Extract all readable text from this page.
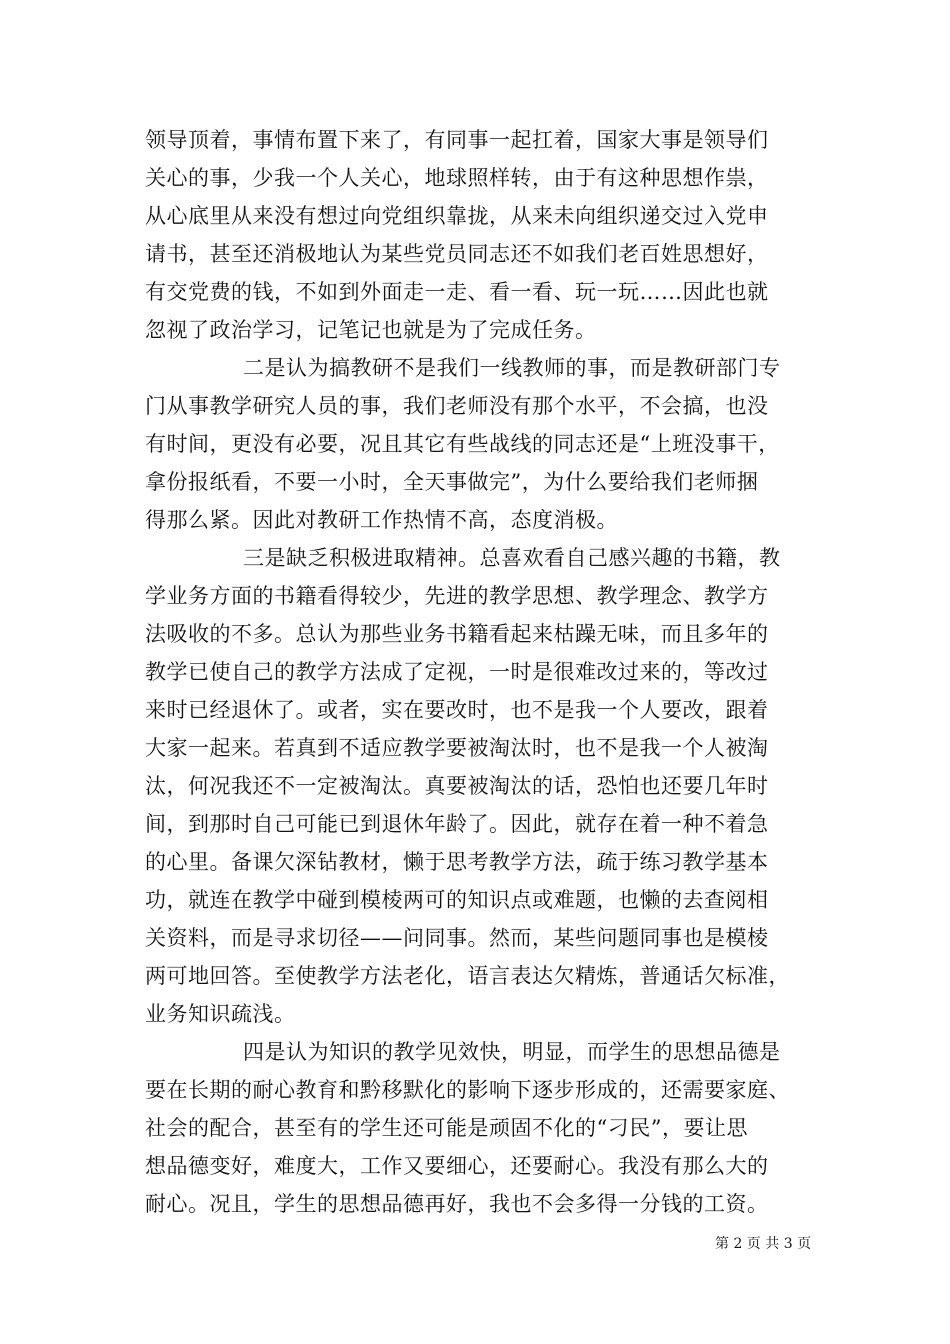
领导顶着，事情布置下来了，有同事一起扛着，国家大事是领导们
关心的事，少我一个人关心，地球照样转，由于有这种思想作祟，
从心底里从来没有想过向党组织靠拢，从来未向组织递交过入党申
请书，甚至还消极地认为某些党员同志还不如我们老百姓思想好，
有交党费的钱，不如到外面走一走、看一看、玩一玩……因此也就
忽视了政治学习，记笔记也就是为了完成任务。
二是认为搞教研不是我们一线教师的事，而是教研部门专
门从事教学研究人员的事，我们老师没有那个水平，不会搞，也没
有时间，更没有必要，况且其它有些战线的同志还是“上班没事干，
拿份报纸看，不要一小时，全天事做完”，为什么要给我们老师捆
得那么紧。因此对教研工作热情不高，态度消极。
三是缺乏积极进取精神。总喜欢看自己感兴趣的书籍，教
学业务方面的书籍看得较少，先进的教学思想、教学理念、教学方
法吸收的不多。总认为那些业务书籍看起来枯躁无味，而且多年的
教学已使自己的教学方法成了定视，一时是很难改过来的，等改过
来时已经退休了。或者，实在要改时，也不是我一个人要改，跟着
大家一起来。若真到不适应教学要被淘汰时，也不是我一个人被淘
汰，何况我还不一定被淘汰。真要被淘汰的话，恐怕也还要几年时
间，到那时自己可能已到退休年龄了。因此，就存在着一种不着急
的心里。备课欠深钻教材，懒于思考教学方法，疏于练习教学基本
功，就连在教学中碰到模棱两可的知识点或难题，也懒的去查阅相
关资料，而是寻求切径——问同事。然而，某些问题同事也是模棱
两可地回答。至使教学方法老化，语言表达欠精炼，普通话欠标准，
业务知识疏浅。
四是认为知识的教学见效快，明显，而学生的思想品德是
要在长期的耐心教育和黔移默化的影响下逐步形成的，还需要家庭、
社会的配合，甚至有的学生还可能是顽固不化的“刁民”，要让思
想品德变好，难度大，工作又要细心，还要耐心。我没有那么大的
耐心。况且，学生的思想品德再好，我也不会多得一分钱的工资。
第 2 页 共 3 页
